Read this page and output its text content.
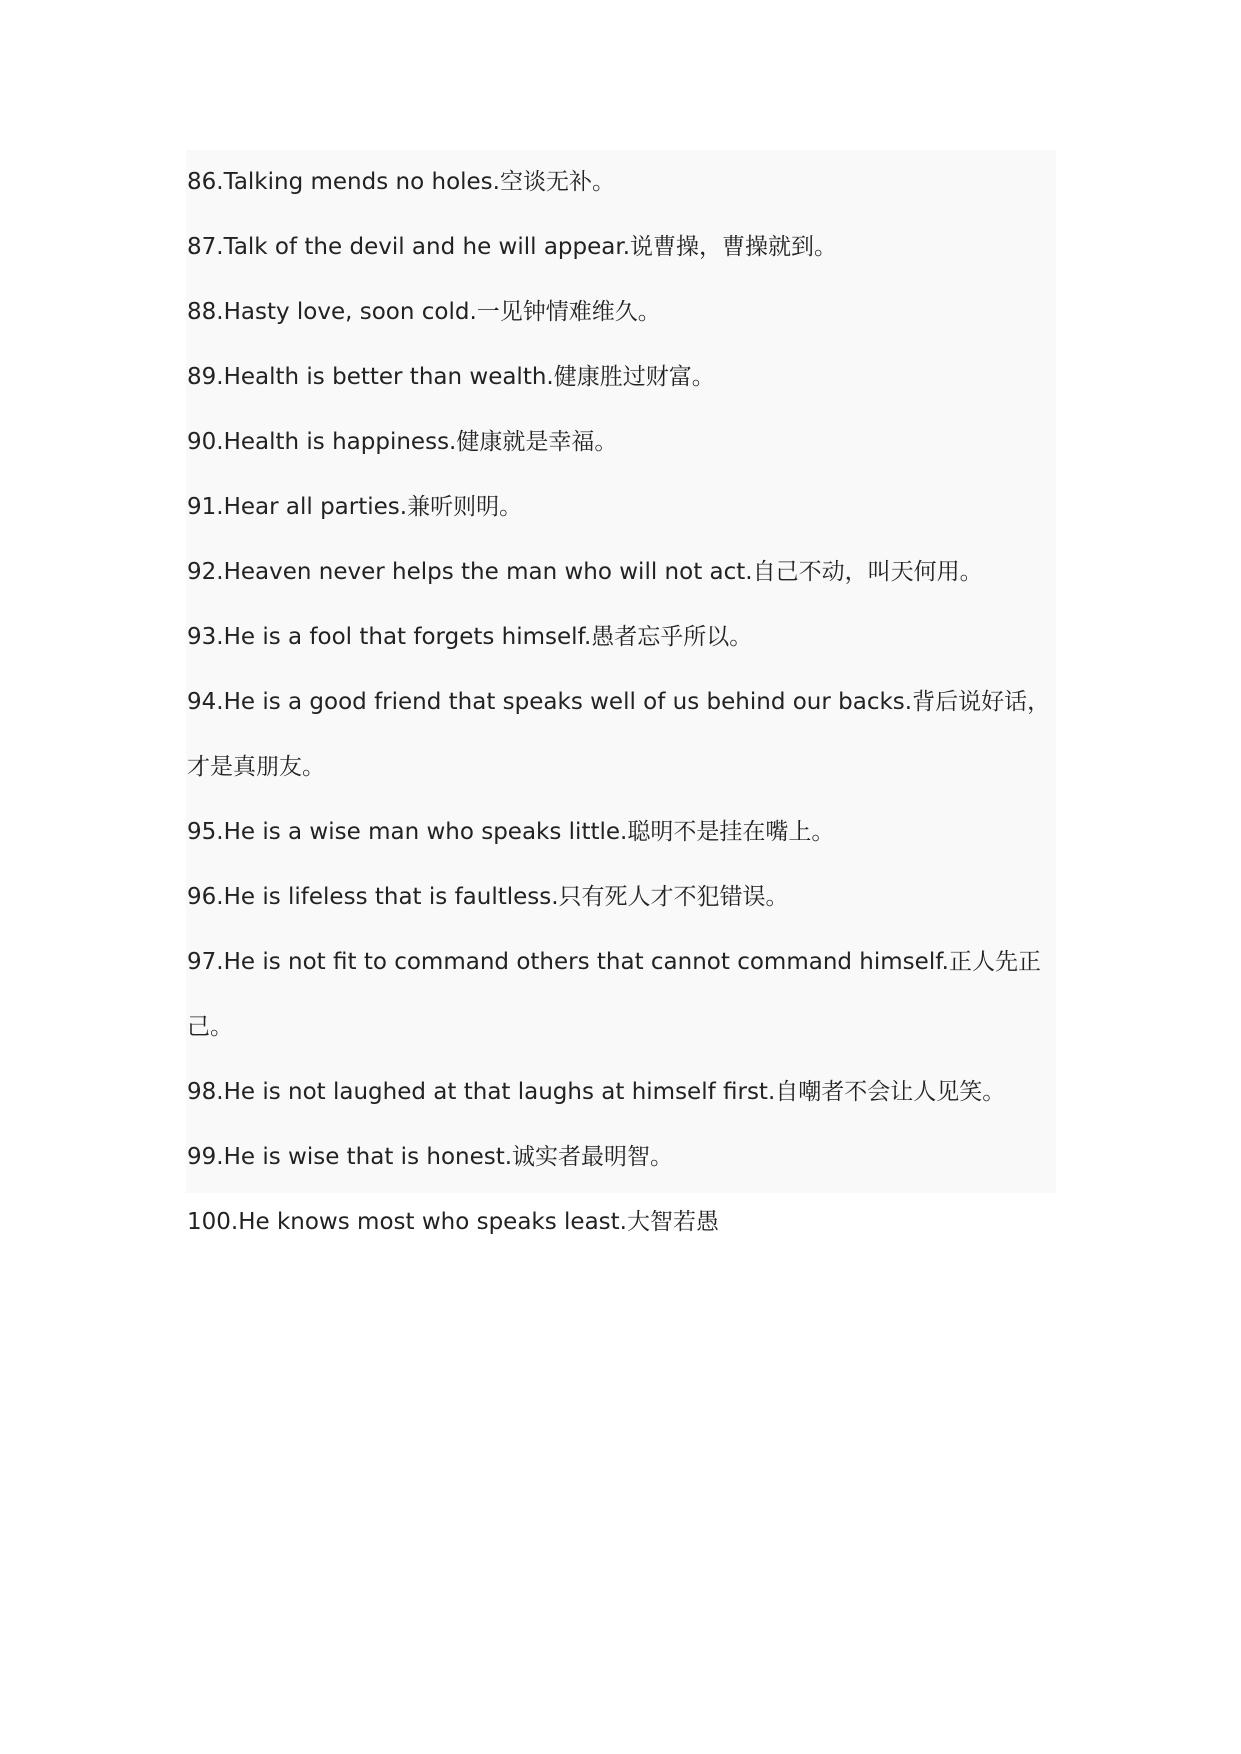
86.Talking mends no holes.空谈无补。
87.Talk of the devil and he will appear.说曹操，曹操就到。
88.Hasty love, soon cold.一见钟情难维久。
89.Health is better than wealth.健康胜过财富。
90.Health is happiness.健康就是幸福。
91.Hear all parties.兼听则明。
92.Heaven never helps the man who will not act.自己不动，叫天何用。
93.He is a fool that forgets himself.愚者忘乎所以。
94.He is a good friend that speaks well of us behind our backs.背后说好话，才是真朋友。
95.He is a wise man who speaks little.聪明不是挂在嘴上。
96.He is lifeless that is faultless.只有死人才不犯错误。
97.He is not fit to command others that cannot command himself.正人先正己。
98.He is not laughed at that laughs at himself first.自嘲者不会让人见笑。
99.He is wise that is honest.诚实者最明智。
100.He knows most who speaks least.大智若愚
